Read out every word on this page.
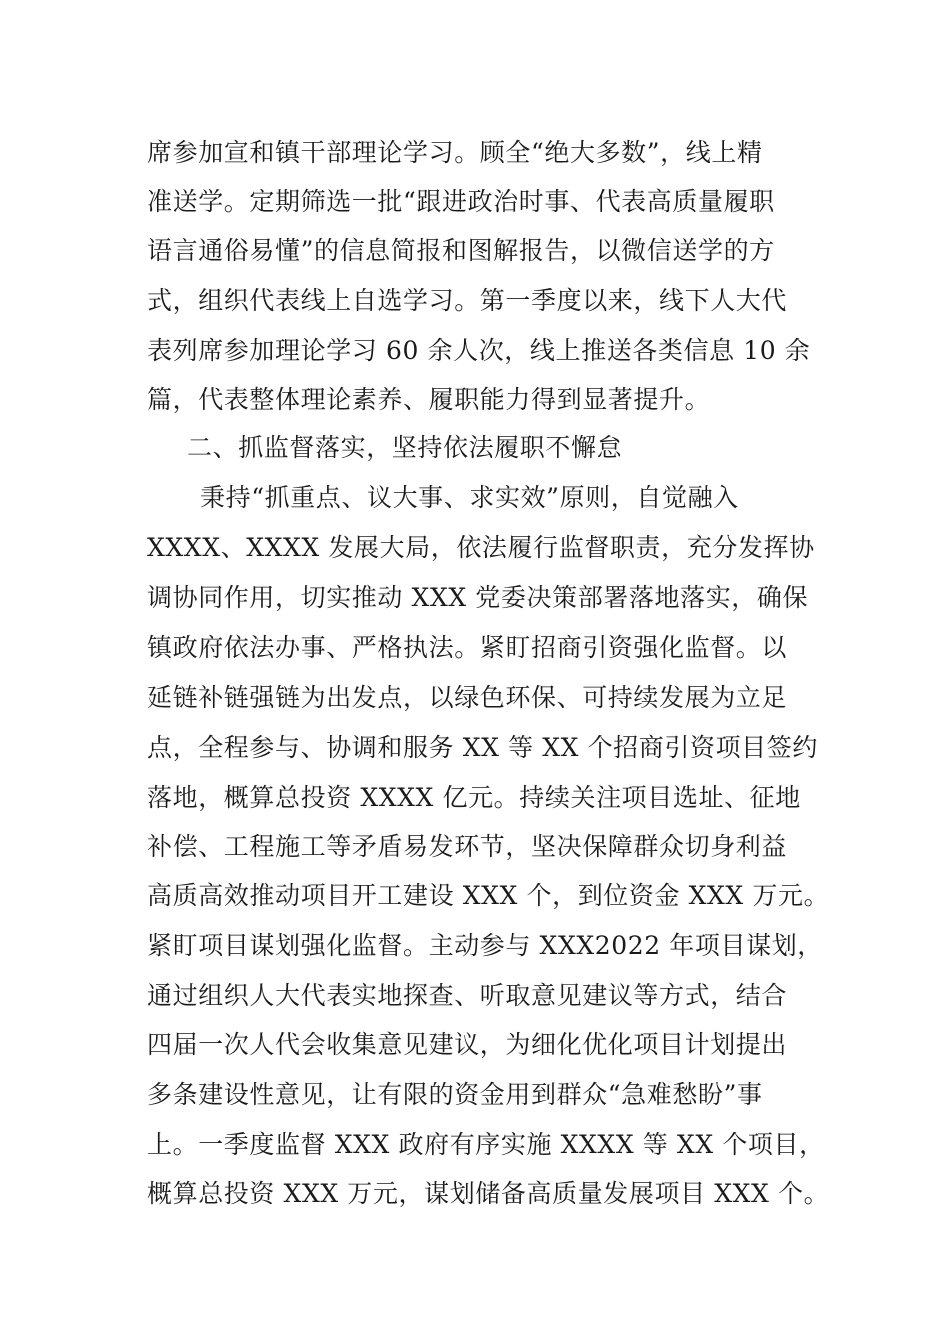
席参加宣和镇干部理论学习。顾全“绝大多数”，线上精
准送学。定期筛选一批“跟进政治时事、代表高质量履职
语言通俗易懂”的信息简报和图解报告，以微信送学的方
式，组织代表线上自选学习。第一季度以来，线下人大代
表列席参加理论学习 60 余人次，线上推送各类信息 10 余
篇，代表整体理论素养、履职能力得到显著提升。
二、抓监督落实，坚持依法履职不懈怠
秉持“抓重点、议大事、求实效”原则，自觉融入
XXXX、XXXX 发展大局，依法履行监督职责，充分发挥协
调协同作用，切实推动 XXX 党委决策部署落地落实，确保
镇政府依法办事、严格执法。紧盯招商引资强化监督。以
延链补链强链为出发点，以绿色环保、可持续发展为立足
点，全程参与、协调和服务 XX 等 XX 个招商引资项目签约
落地，概算总投资 XXXX 亿元。持续关注项目选址、征地
补偿、工程施工等矛盾易发环节，坚决保障群众切身利益
高质高效推动项目开工建设 XXX 个，到位资金 XXX 万元。
紧盯项目谋划强化监督。主动参与 XXX2022 年项目谋划，
通过组织人大代表实地探查、听取意见建议等方式，结合
四届一次人代会收集意见建议，为细化优化项目计划提出
多条建设性意见，让有限的资金用到群众“急难愁盼”事
上。一季度监督 XXX 政府有序实施 XXXX 等 XX 个项目，
概算总投资 XXX 万元，谋划储备高质量发展项目 XXX 个。
